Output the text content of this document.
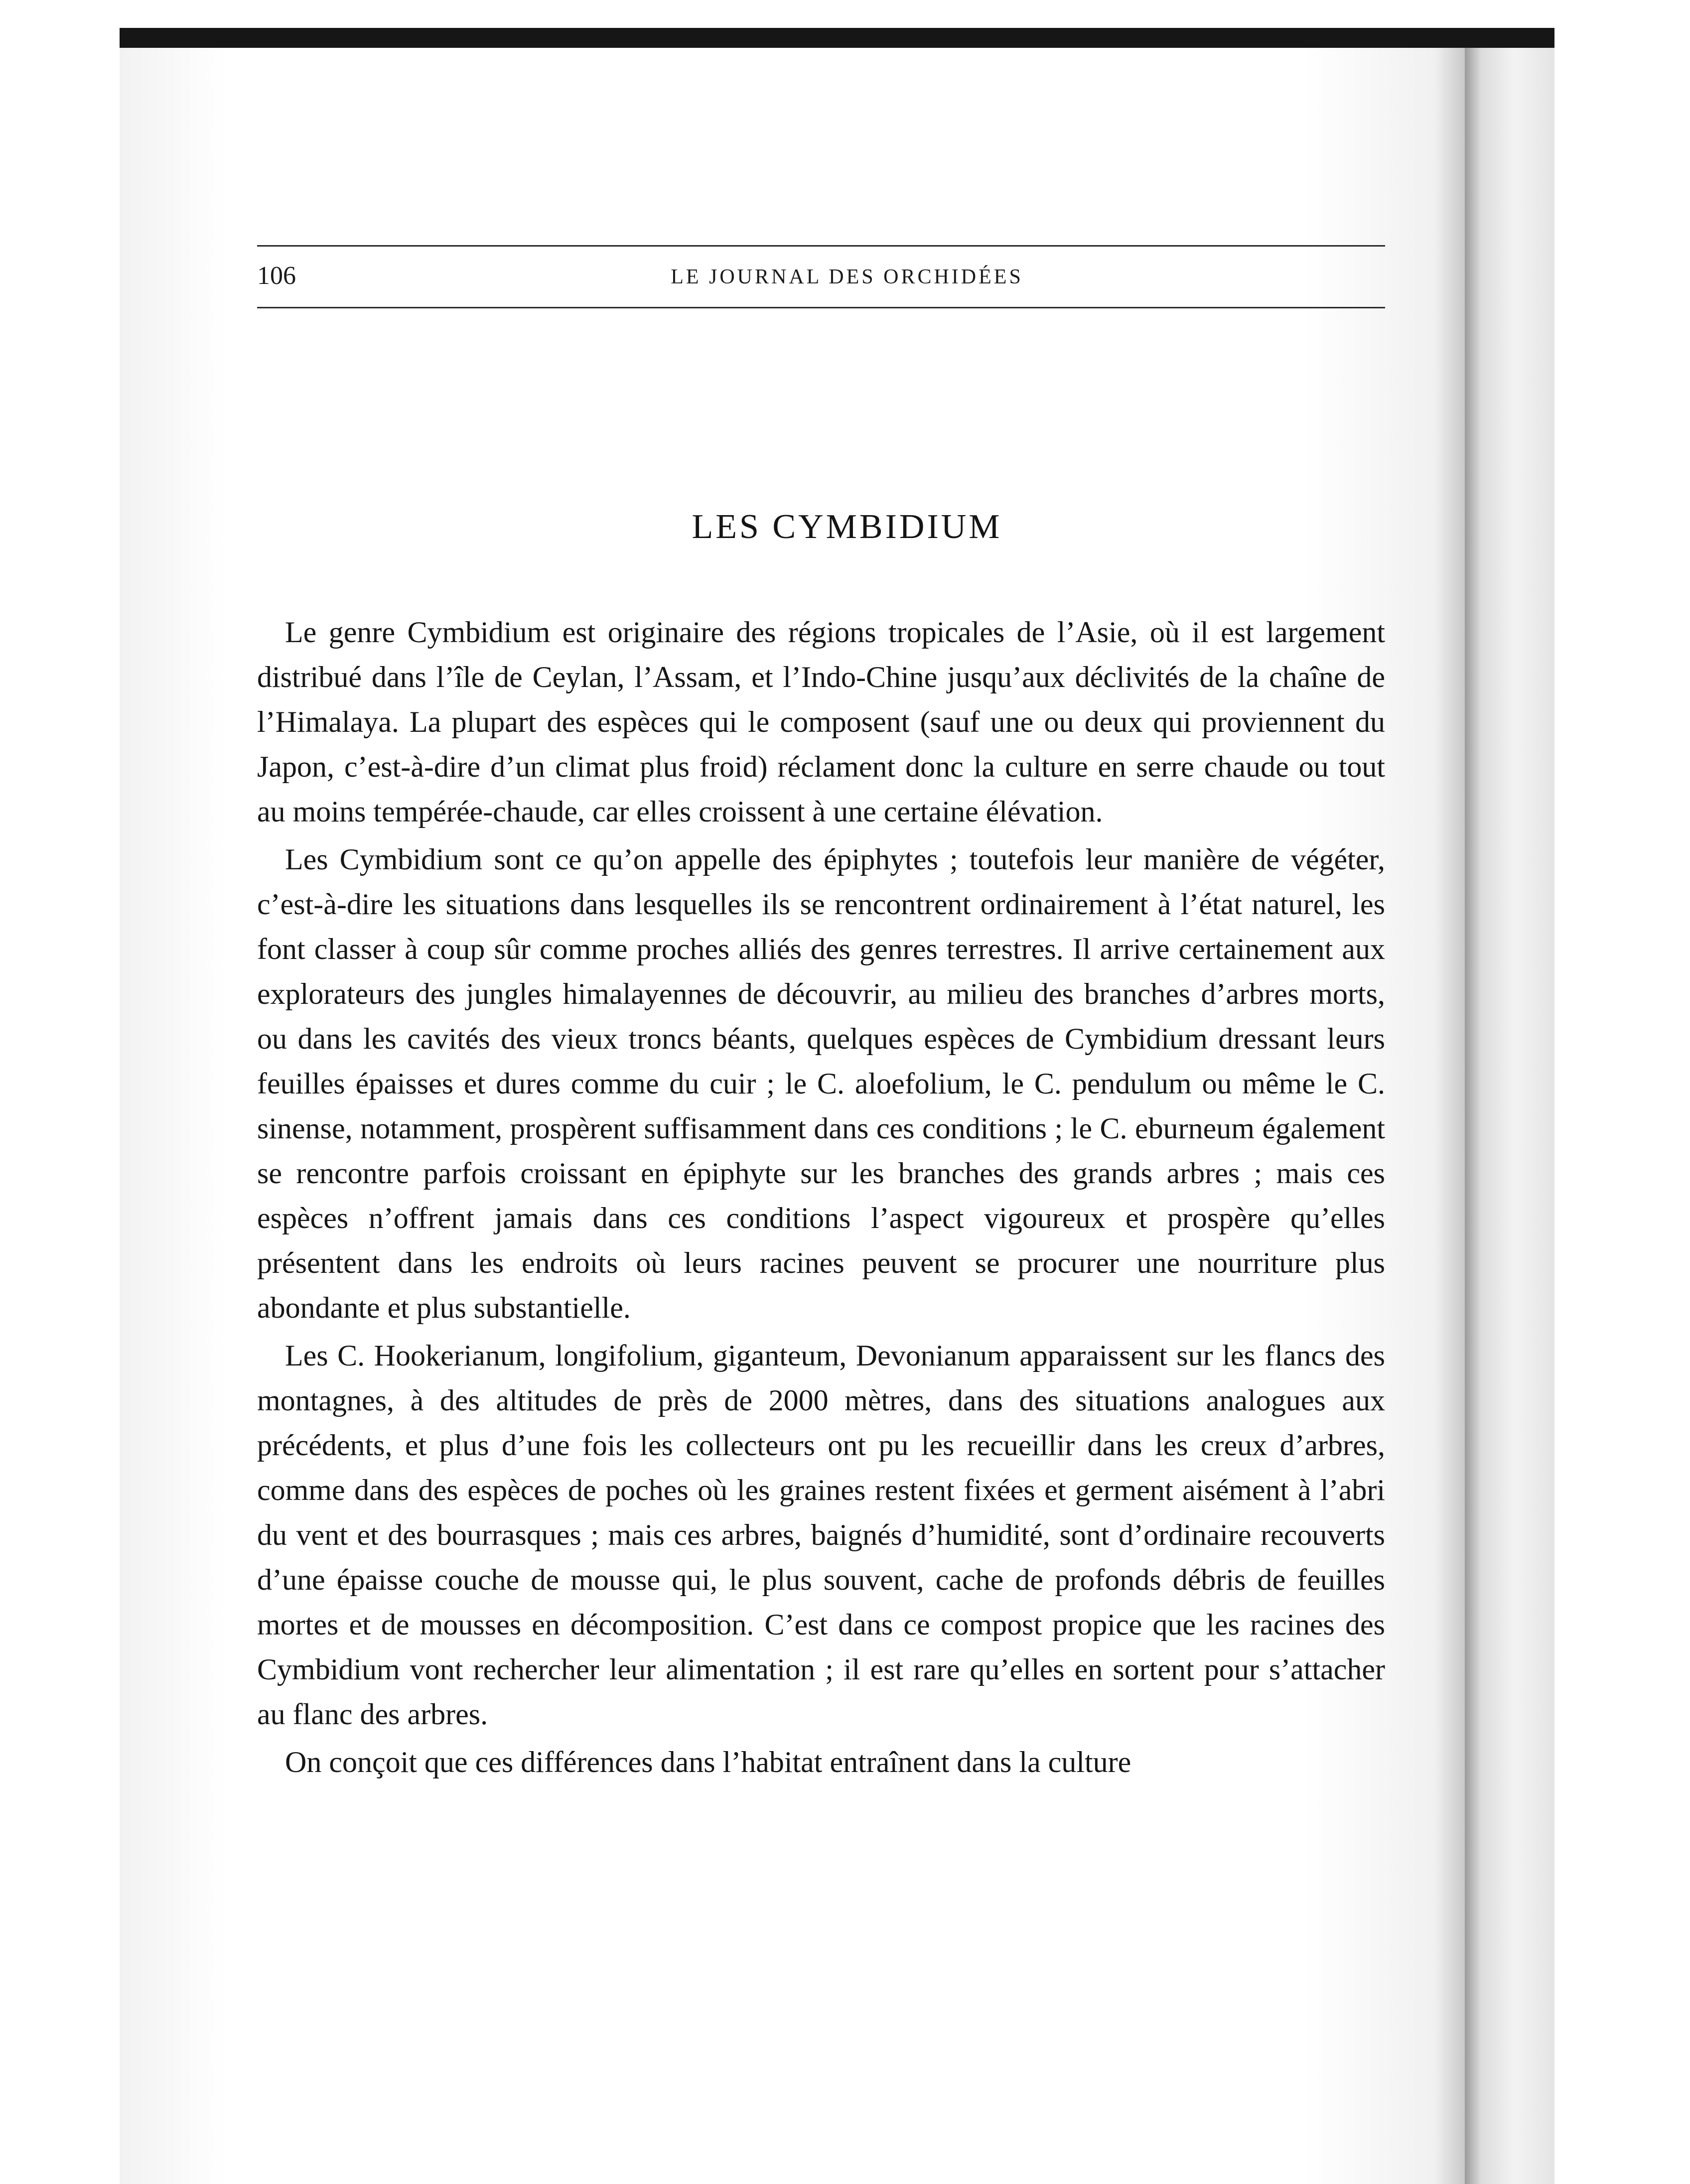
106	LE JOURNAL DES ORCHIDÉES
LES CYMBIDIUM

Le genre Cymbidium est originaire des régions tropicales de l’Asie, où il est largement distribué dans l’île de Ceylan, l’Assam, et l’Indo-Chine jusqu’aux déclivités de la chaîne de l’Himalaya. La plupart des espèces qui le composent (sauf une ou deux qui proviennent du Japon, c’est-à-dire d’un climat plus froid) réclament donc la culture en serre chaude ou tout au moins tempérée-chaude, car elles croissent à une certaine élévation.

Les Cymbidium sont ce qu’on appelle des épiphytes ; toutefois leur manière de végéter, c’est-à-dire les situations dans lesquelles ils se rencontrent ordinairement à l’état naturel, les font classer à coup sûr comme proches alliés des genres terrestres. Il arrive certainement aux explorateurs des jungles himalayennes de découvrir, au milieu des branches d’arbres morts, ou dans les cavités des vieux troncs béants, quelques espèces de Cymbidium dressant leurs feuilles épaisses et dures comme du cuir ; le C. aloefolium, le C. pendulum ou même le C. sinense, notamment, prospèrent suffisamment dans ces conditions ; le C. eburneum également se rencontre parfois croissant en épiphyte sur les branches des grands arbres ; mais ces espèces n’offrent jamais dans ces conditions l’aspect vigoureux et prospère qu’elles présentent dans les endroits où leurs racines peuvent se procurer une nourriture plus abondante et plus substantielle.

Les C. Hookerianum, longifolium, giganteum, Devonianum apparaissent sur les flancs des montagnes, à des altitudes de près de 2000 mètres, dans des situations analogues aux précédents, et plus d’une fois les collecteurs ont pu les recueillir dans les creux d’arbres, comme dans des espèces de poches où les graines restent fixées et germent aisément à l’abri du vent et des bourrasques ; mais ces arbres, baignés d’humidité, sont d’ordinaire recouverts d’une épaisse couche de mousse qui, le plus souvent, cache de profonds débris de feuilles mortes et de mousses en décomposition. C’est dans ce compost propice que les racines des Cymbidium vont rechercher leur alimentation ; il est rare qu’elles en sortent pour s’attacher au flanc des arbres.

On conçoit que ces différences dans l’habitat entraînent dans la culture
